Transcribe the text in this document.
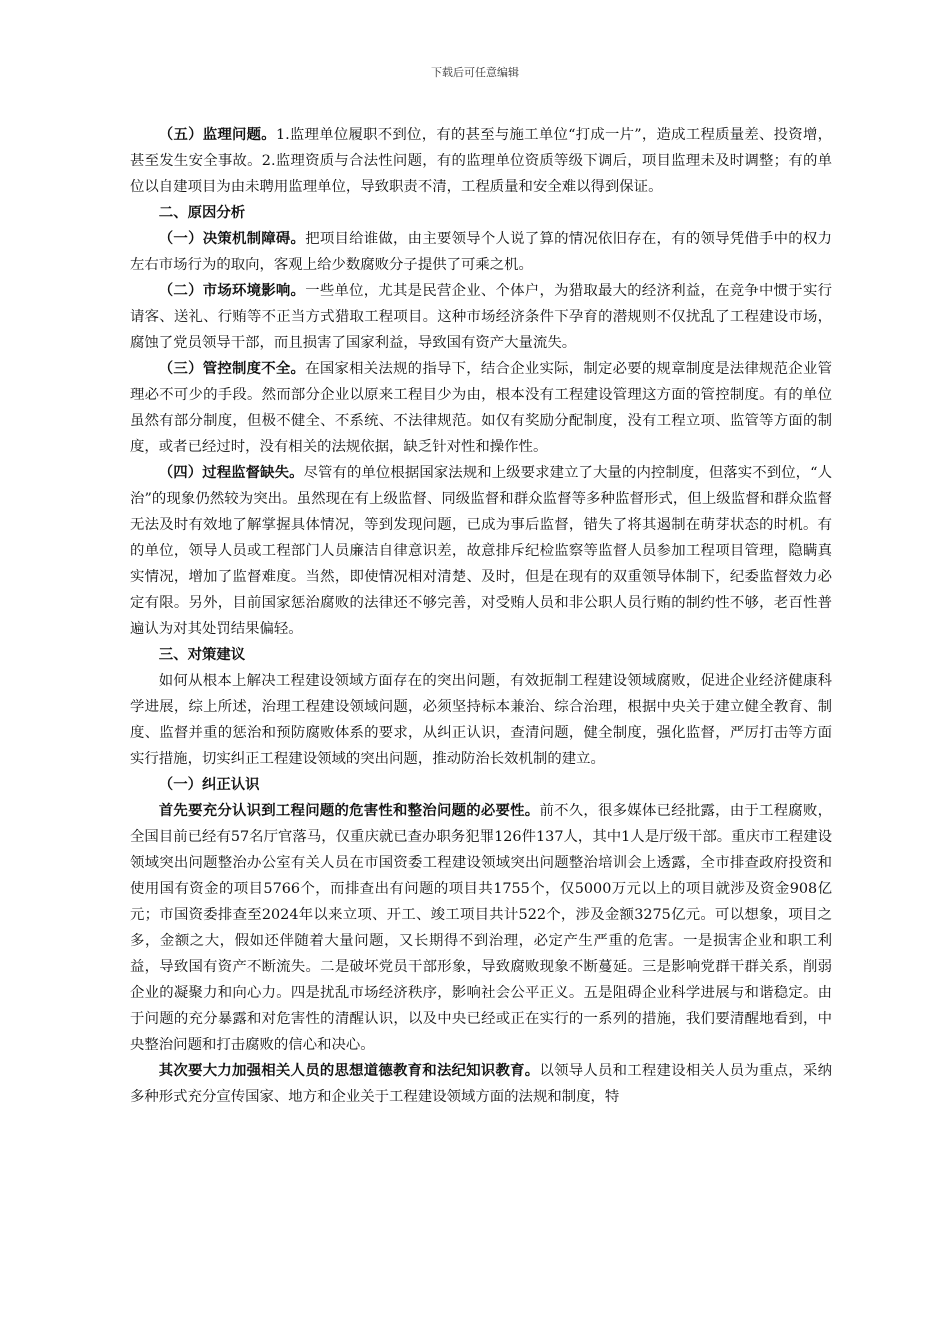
下载后可任意编辑

（五）监理问题。1.监理单位履职不到位，有的甚至与施工单位“打成一片”，造成工程质量差、投资增，甚至发生安全事故。2.监理资质与合法性问题，有的监理单位资质等级下调后，项目监理未及时调整；有的单位以自建项目为由未聘用监理单位，导致职责不清，工程质量和安全难以得到保证。

二、原因分析

（一）决策机制障碍。把项目给谁做，由主要领导个人说了算的情况依旧存在，有的领导凭借手中的权力左右市场行为的取向，客观上给少数腐败分子提供了可乘之机。

（二）市场环境影响。一些单位，尤其是民营企业、个体户，为猎取最大的经济利益，在竞争中惯于实行请客、送礼、行贿等不正当方式猎取工程项目。这种市场经济条件下孕育的潜规则不仅扰乱了工程建设市场，腐蚀了党员领导干部，而且损害了国家利益，导致国有资产大量流失。

（三）管控制度不全。在国家相关法规的指导下，结合企业实际，制定必要的规章制度是法律规范企业管理必不可少的手段。然而部分企业以原来工程目少为由，根本没有工程建设管理这方面的管控制度。有的单位虽然有部分制度，但极不健全、不系统、不法律规范。如仅有奖励分配制度，没有工程立项、监管等方面的制度，或者已经过时，没有相关的法规依据，缺乏针对性和操作性。

（四）过程监督缺失。尽管有的单位根据国家法规和上级要求建立了大量的内控制度，但落实不到位，“人治”的现象仍然较为突出。虽然现在有上级监督、同级监督和群众监督等多种监督形式，但上级监督和群众监督无法及时有效地了解掌握具体情况，等到发现问题，已成为事后监督，错失了将其遏制在萌芽状态的时机。有的单位，领导人员或工程部门人员廉洁自律意识差，故意排斥纪检监察等监督人员参加工程项目管理，隐瞒真实情况，增加了监督难度。当然，即使情况相对清楚、及时，但是在现有的双重领导体制下，纪委监督效力必定有限。另外，目前国家惩治腐败的法律还不够完善，对受贿人员和非公职人员行贿的制约性不够，老百性普遍认为对其处罚结果偏轻。

三、对策建议

如何从根本上解决工程建设领域方面存在的突出问题，有效扼制工程建设领域腐败，促进企业经济健康科学进展，综上所述，治理工程建设领域问题，必须坚持标本兼治、综合治理，根据中央关于建立健全教育、制度、监督并重的惩治和预防腐败体系的要求，从纠正认识，查清问题，健全制度，强化监督，严厉打击等方面实行措施，切实纠正工程建设领域的突出问题，推动防治长效机制的建立。

（一）纠正认识

首先要充分认识到工程问题的危害性和整治问题的必要性。前不久，很多媒体已经批露，由于工程腐败，全国目前已经有57名厅官落马，仅重庆就已查办职务犯罪126件137人，其中1人是厅级干部。重庆市工程建设领域突出问题整治办公室有关人员在市国资委工程建设领域突出问题整治培训会上透露，全市排查政府投资和使用国有资金的项目5766个，而排查出有问题的项目共1755个，仅5000万元以上的项目就涉及资金908亿元；市国资委排查至2024年以来立项、开工、竣工项目共计522个，涉及金额3275亿元。可以想象，项目之多，金额之大，假如还伴随着大量问题，又长期得不到治理，必定产生严重的危害。一是损害企业和职工利益，导致国有资产不断流失。二是破坏党员干部形象，导致腐败现象不断蔓延。三是影响党群干群关系，削弱企业的凝聚力和向心力。四是扰乱市场经济秩序，影响社会公平正义。五是阻碍企业科学进展与和谐稳定。由于问题的充分暴露和对危害性的清醒认识，以及中央已经或正在实行的一系列的措施，我们要清醒地看到，中央整治问题和打击腐败的信心和决心。

其次要大力加强相关人员的思想道德教育和法纪知识教育。以领导人员和工程建设相关人员为重点，采纳多种形式充分宣传国家、地方和企业关于工程建设领域方面的法规和制度，特
